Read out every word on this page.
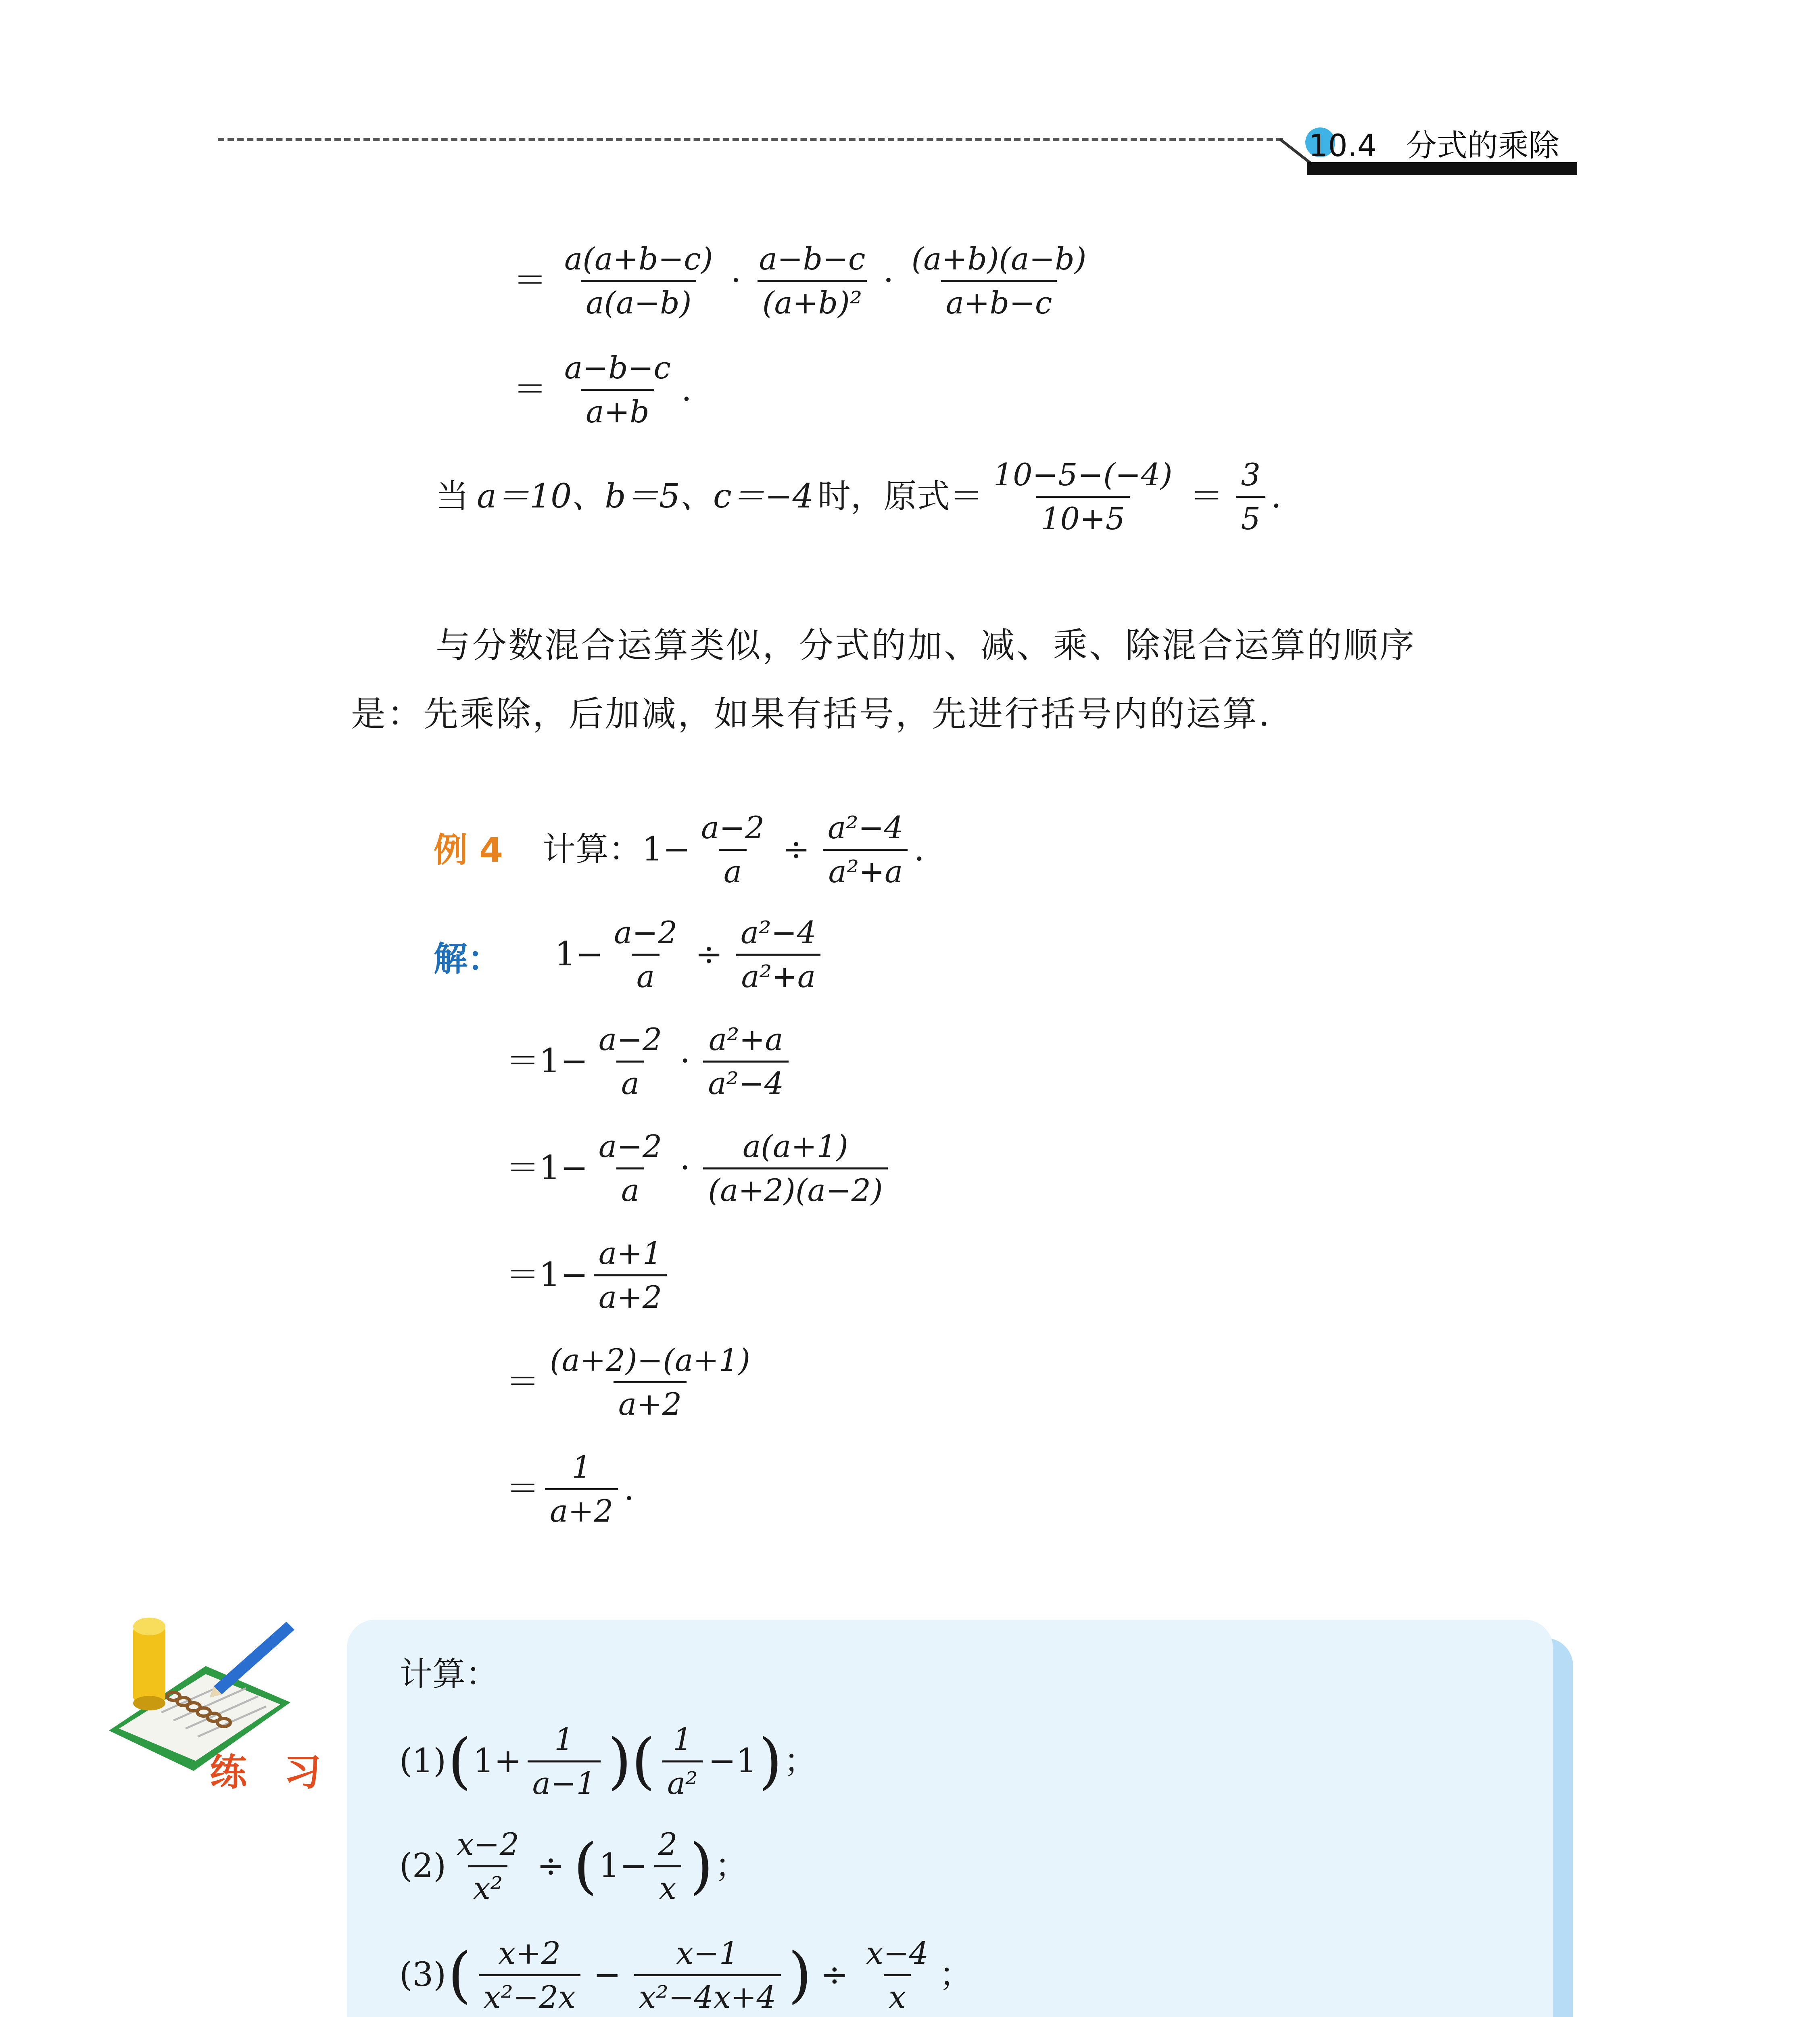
10.4 分式的乘除
＝ $\frac{a(a+b-c)}{a(a-b)} \cdot \frac{a-b-c}{\text{(a+b)²}} \cdot \frac{(a+b)(a-b)}{a+b-c}$
＝ $\frac{a-b-c}{a+b}$ .
当 a＝10、b＝5、c＝−4 时，原式＝ $\frac{10-5-(-4)}{10+5} = \frac{3}{5}$ .
与分数混合运算类似，分式的加、减、乘、除混合运算的顺序
是：先乘除，后加减，如果有括号，先进行括号内的运算.
例 4 计算： $1- \frac{a-2}{a} \div \frac{\text{a²−4}}{\text{a²+a}}$ .
解： $1- \frac{a-2}{a} \div \frac{\text{a²−4}}{\text{a²+a}}$
$=1- \frac{a-2}{a} \cdot \frac{\text{a²+a}}{\text{a²−4}}$
$=1- \frac{a-2}{a} \cdot \frac{a(a+1)}{(a+2)(a-2)}$
$=1- \frac{a+1}{a+2}$
＝ $\frac{(a+2)-(a+1)}{a+2}$
＝ $\frac{1}{a+2}$ .
练 习
计算：
(1) ( $1+ \frac{1}{a-1}$ )( $\frac{1}{\text{a²}} -1$ ) ；
$(2) \frac{x-2}{\text{x²}}$ ÷ ( $1- \frac{2}{x}$ ) ；
(3) ( $\frac{x+2}{\text{x²−2x}} - \frac{x-1}{\text{x²−4x+4}}$ ) ÷ $\frac{x-4}{x}$ ；
